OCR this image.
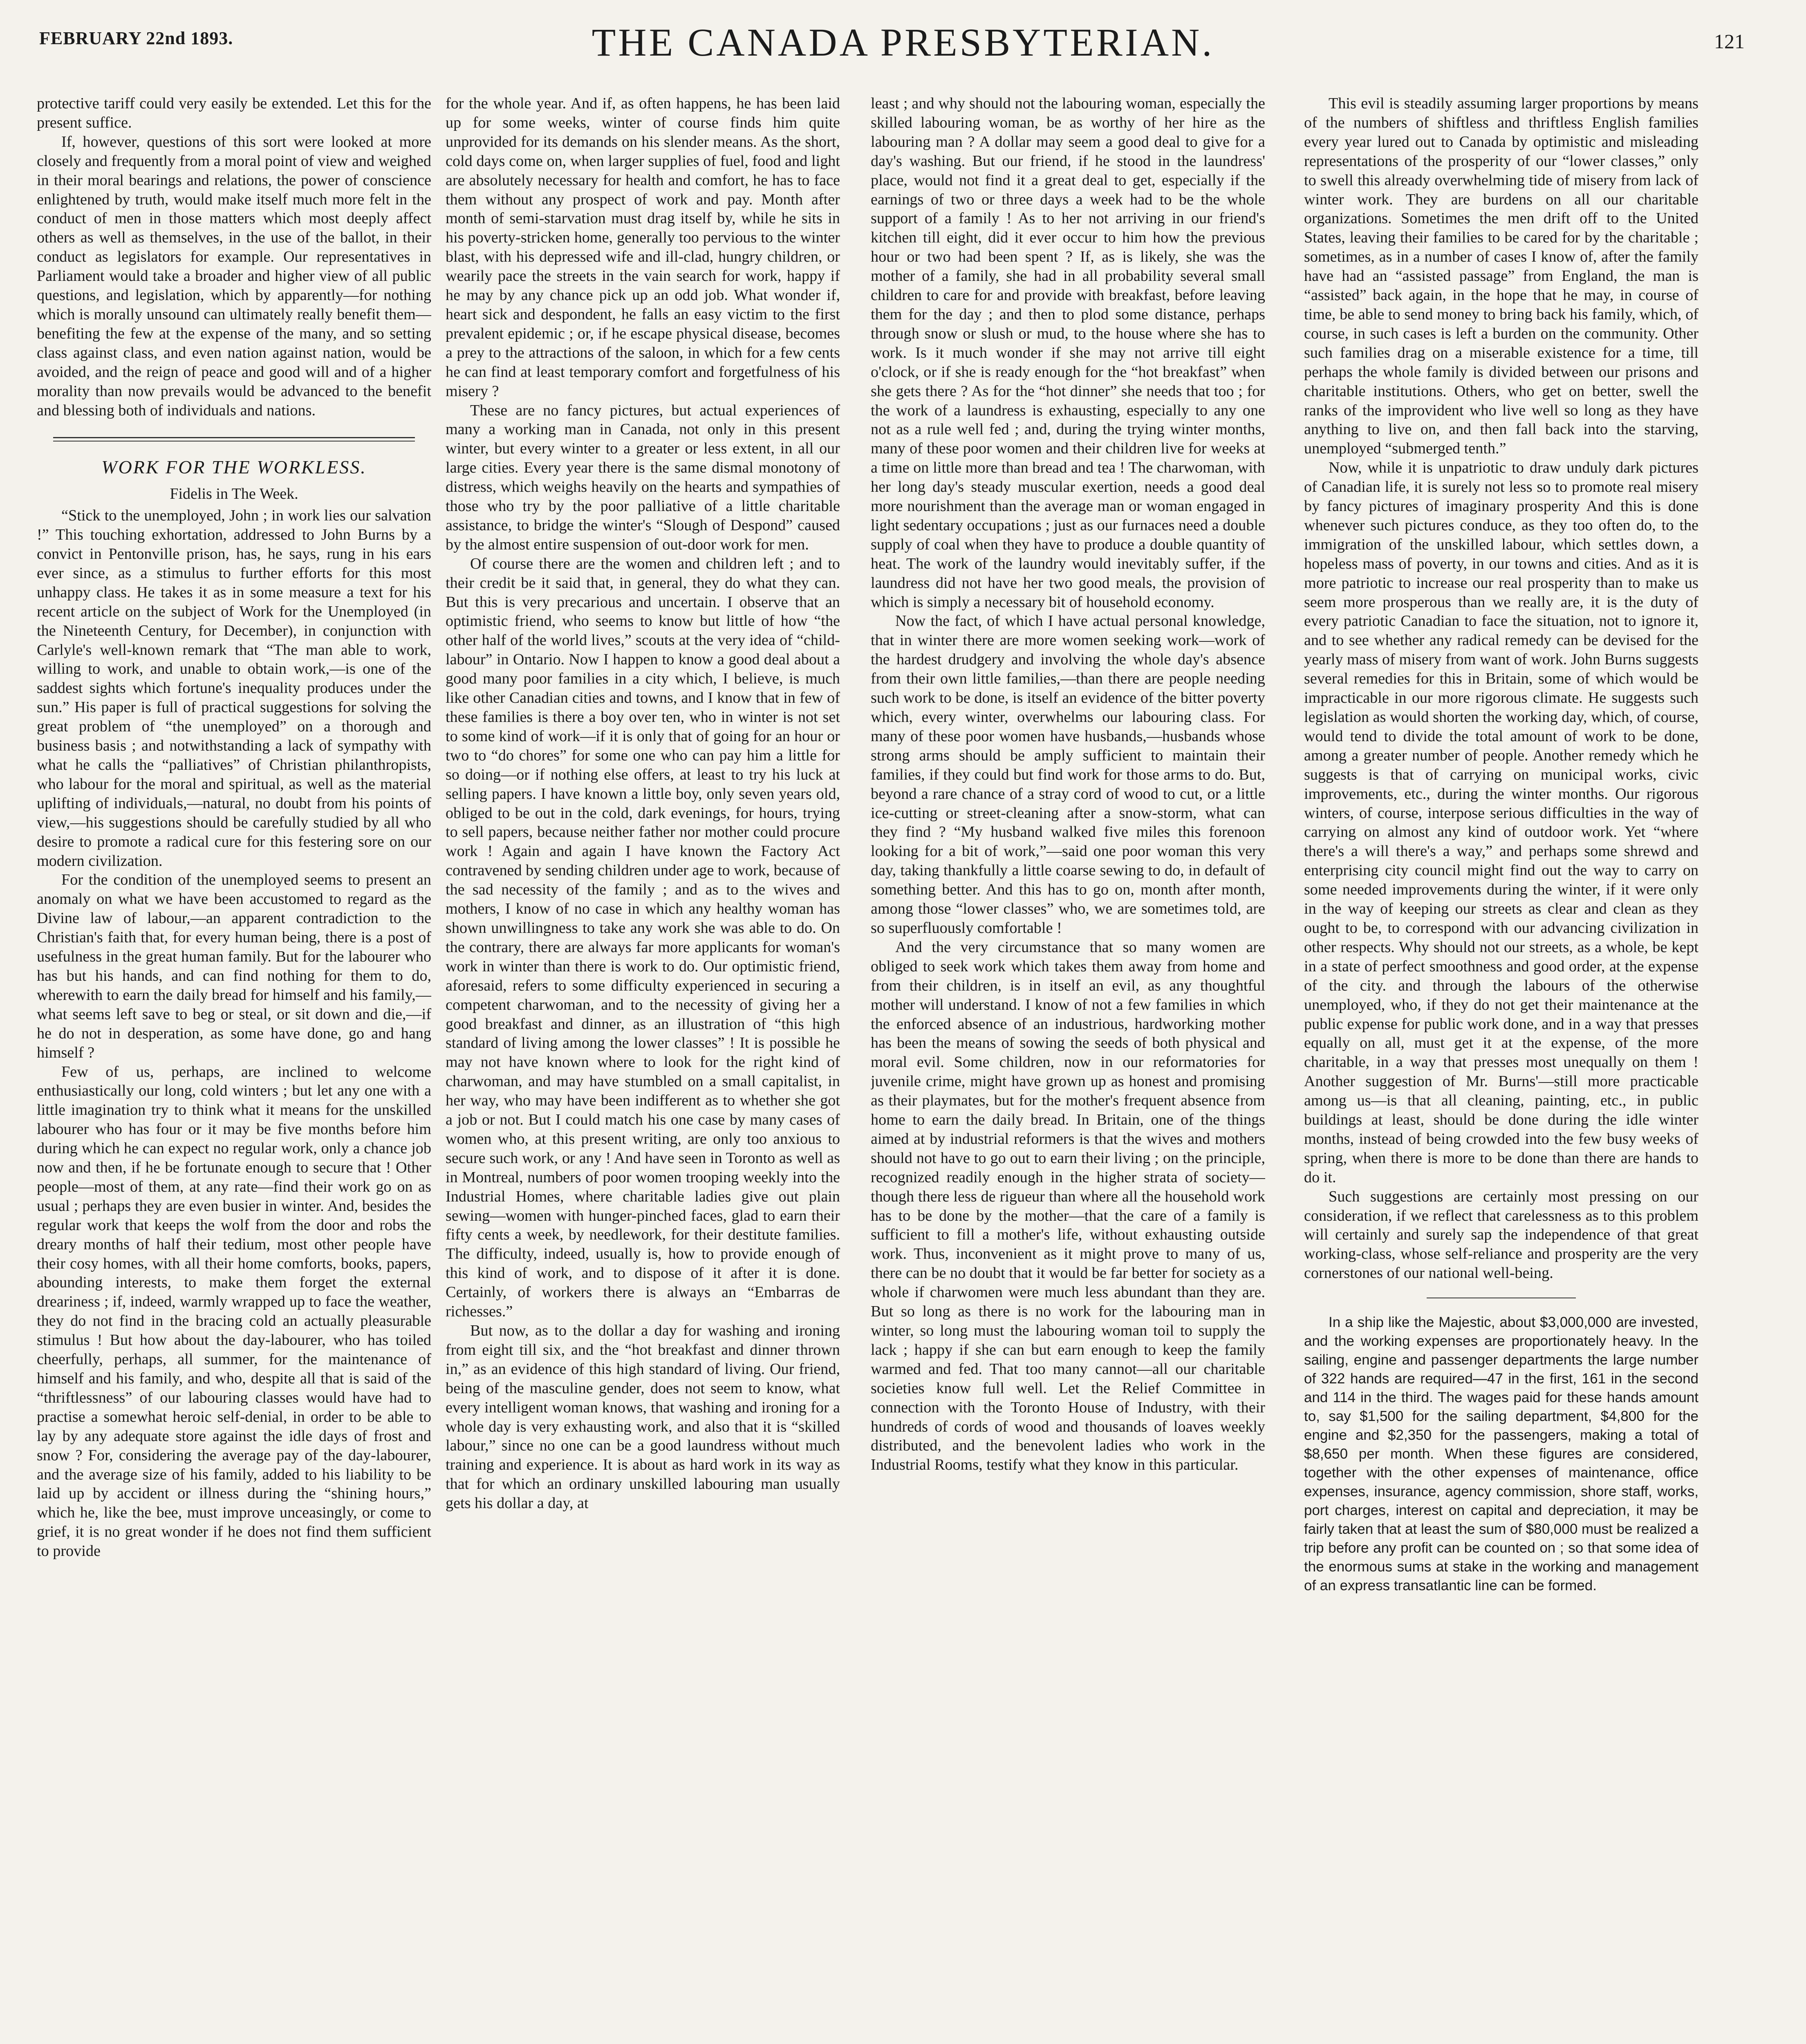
FEBRUARY 22nd 1893.	THE CANADA PRESBYTERIAN.	121

protective tariff could very easily be extended. Let this for the present suffice.

If, however, questions of this sort were looked at more closely and frequently from a moral point of view and weighed in their moral bearings and relations, the power of conscience enlightened by truth, would make itself much more felt in the conduct of men in those matters which most deeply affect others as well as themselves, in the use of the ballot, in their conduct as legislators for example. Our representatives in Parliament would take a broader and higher view of all public questions, and legislation, which by apparently—for nothing which is morally unsound can ultimately really benefit them—benefiting the few at the expense of the many, and so setting class against class, and even nation against nation, would be avoided, and the reign of peace and good will and of a higher morality than now prevails would be advanced to the benefit and blessing both of individuals and nations.

WORK FOR THE WORKLESS.
Fidelis in The Week.

“Stick to the unemployed, John ; in work lies our salvation !” This touching exhortation, addressed to John Burns by a convict in Pentonville prison, has, he says, rung in his ears ever since, as a stimulus to further efforts for this most unhappy class. He takes it as in some measure a text for his recent article on the subject of Work for the Unemployed (in the Nineteenth Century, for December), in conjunction with Carlyle's well-known remark that “The man able to work, willing to work, and unable to obtain work,—is one of the saddest sights which fortune's inequality produces under the sun.” His paper is full of practical suggestions for solving the great problem of “the unemployed” on a thorough and business basis ; and notwithstanding a lack of sympathy with what he calls the “palliatives” of Christian philanthropists, who labour for the moral and spiritual, as well as the material uplifting of individuals,—natural, no doubt from his points of view,—his suggestions should be carefully studied by all who desire to promote a radical cure for this festering sore on our modern civilization.

For the condition of the unemployed seems to present an anomaly on what we have been accustomed to regard as the Divine law of labour,—an apparent contradiction to the Christian's faith that, for every human being, there is a post of usefulness in the great human family. But for the labourer who has but his hands, and can find nothing for them to do, wherewith to earn the daily bread for himself and his family,—what seems left save to beg or steal, or sit down and die,—if he do not in desperation, as some have done, go and hang himself ?

Few of us, perhaps, are inclined to welcome enthusiastically our long, cold winters ; but let any one with a little imagination try to think what it means for the unskilled labourer who has four or it may be five months before him during which he can expect no regular work, only a chance job now and then, if he be fortunate enough to secure that ! Other people—most of them, at any rate—find their work go on as usual ; perhaps they are even busier in winter. And, besides the regular work that keeps the wolf from the door and robs the dreary months of half their tedium, most other people have their cosy homes, with all their home comforts, books, papers, abounding interests, to make them forget the external dreariness ; if, indeed, warmly wrapped up to face the weather, they do not find in the bracing cold an actually pleasurable stimulus ! But how about the day-labourer, who has toiled cheerfully, perhaps, all summer, for the maintenance of himself and his family, and who, despite all that is said of the “thriftlessness” of our labouring classes would have had to practise a somewhat heroic self-denial, in order to be able to lay by any adequate store against the idle days of frost and snow ? For, considering the average pay of the day-labourer, and the average size of his family, added to his liability to be laid up by accident or illness during the “shining hours,” which he, like the bee, must improve unceasingly, or come to grief, it is no great wonder if he does not find them sufficient to provide

for the whole year. And if, as often happens, he has been laid up for some weeks, winter of course finds him quite unprovided for its demands on his slender means. As the short, cold days come on, when larger supplies of fuel, food and light are absolutely necessary for health and comfort, he has to face them without any prospect of work and pay. Month after month of semi-starvation must drag itself by, while he sits in his poverty-stricken home, generally too pervious to the winter blast, with his depressed wife and ill-clad, hungry children, or wearily pace the streets in the vain search for work, happy if he may by any chance pick up an odd job. What wonder if, heart sick and despondent, he falls an easy victim to the first prevalent epidemic ; or, if he escape physical disease, becomes a prey to the attractions of the saloon, in which for a few cents he can find at least temporary comfort and forgetfulness of his misery ?

These are no fancy pictures, but actual experiences of many a working man in Canada, not only in this present winter, but every winter to a greater or less extent, in all our large cities. Every year there is the same dismal monotony of distress, which weighs heavily on the hearts and sympathies of those who try by the poor palliative of a little charitable assistance, to bridge the winter's “Slough of Despond” caused by the almost entire suspension of out-door work for men.

Of course there are the women and children left ; and to their credit be it said that, in general, they do what they can. But this is very precarious and uncertain. I observe that an optimistic friend, who seems to know but little of how “the other half of the world lives,” scouts at the very idea of “child-labour” in Ontario. Now I happen to know a good deal about a good many poor families in a city which, I believe, is much like other Canadian cities and towns, and I know that in few of these families is there a boy over ten, who in winter is not set to some kind of work—if it is only that of going for an hour or two to “do chores” for some one who can pay him a little for so doing—or if nothing else offers, at least to try his luck at selling papers. I have known a little boy, only seven years old, obliged to be out in the cold, dark evenings, for hours, trying to sell papers, because neither father nor mother could procure work ! Again and again I have known the Factory Act contravened by sending children under age to work, because of the sad necessity of the family ; and as to the wives and mothers, I know of no case in which any healthy woman has shown unwillingness to take any work she was able to do. On the contrary, there are always far more applicants for woman's work in winter than there is work to do. Our optimistic friend, aforesaid, refers to some difficulty experienced in securing a competent charwoman, and to the necessity of giving her a good breakfast and dinner, as an illustration of “this high standard of living among the lower classes” ! It is possible he may not have known where to look for the right kind of charwoman, and may have stumbled on a small capitalist, in her way, who may have been indifferent as to whether she got a job or not. But I could match his one case by many cases of women who, at this present writing, are only too anxious to secure such work, or any ! And have seen in Toronto as well as in Montreal, numbers of poor women trooping weekly into the Industrial Homes, where charitable ladies give out plain sewing—women with hunger-pinched faces, glad to earn their fifty cents a week, by needlework, for their destitute families. The difficulty, indeed, usually is, how to provide enough of this kind of work, and to dispose of it after it is done. Certainly, of workers there is always an “Embarras de richesses.”

But now, as to the dollar a day for washing and ironing from eight till six, and the “hot breakfast and dinner thrown in,” as an evidence of this high standard of living. Our friend, being of the masculine gender, does not seem to know, what every intelligent woman knows, that washing and ironing for a whole day is very exhausting work, and also that it is “skilled labour,” since no one can be a good laundress without much training and experience. It is about as hard work in its way as that for which an ordinary unskilled labouring man usually gets his dollar a day, at

least ; and why should not the labouring woman, especially the skilled labouring woman, be as worthy of her hire as the labouring man ? A dollar may seem a good deal to give for a day's washing. But our friend, if he stood in the laundress' place, would not find it a great deal to get, especially if the earnings of two or three days a week had to be the whole support of a family ! As to her not arriving in our friend's kitchen till eight, did it ever occur to him how the previous hour or two had been spent ? If, as is likely, she was the mother of a family, she had in all probability several small children to care for and provide with breakfast, before leaving them for the day ; and then to plod some distance, perhaps through snow or slush or mud, to the house where she has to work. Is it much wonder if she may not arrive till eight o'clock, or if she is ready enough for the “hot breakfast” when she gets there ? As for the “hot dinner” she needs that too ; for the work of a laundress is exhausting, especially to any one not as a rule well fed ; and, during the trying winter months, many of these poor women and their children live for weeks at a time on little more than bread and tea ! The charwoman, with her long day's steady muscular exertion, needs a good deal more nourishment than the average man or woman engaged in light sedentary occupations ; just as our furnaces need a double supply of coal when they have to produce a double quantity of heat. The work of the laundry would inevitably suffer, if the laundress did not have her two good meals, the provision of which is simply a necessary bit of household economy.

Now the fact, of which I have actual personal knowledge, that in winter there are more women seeking work—work of the hardest drudgery and involving the whole day's absence from their own little families,—than there are people needing such work to be done, is itself an evidence of the bitter poverty which, every winter, overwhelms our labouring class. For many of these poor women have husbands,—husbands whose strong arms should be amply sufficient to maintain their families, if they could but find work for those arms to do. But, beyond a rare chance of a stray cord of wood to cut, or a little ice-cutting or street-cleaning after a snow-storm, what can they find ? “My husband walked five miles this forenoon looking for a bit of work,”—said one poor woman this very day, taking thankfully a little coarse sewing to do, in default of something better. And this has to go on, month after month, among those “lower classes” who, we are sometimes told, are so superfluously comfortable !

And the very circumstance that so many women are obliged to seek work which takes them away from home and from their children, is in itself an evil, as any thoughtful mother will understand. I know of not a few families in which the enforced absence of an industrious, hardworking mother has been the means of sowing the seeds of both physical and moral evil. Some children, now in our reformatories for juvenile crime, might have grown up as honest and promising as their playmates, but for the mother's frequent absence from home to earn the daily bread. In Britain, one of the things aimed at by industrial reformers is that the wives and mothers should not have to go out to earn their living ; on the principle, recognized readily enough in the higher strata of society—though there less de rigueur than where all the household work has to be done by the mother—that the care of a family is sufficient to fill a mother's life, without exhausting outside work. Thus, inconvenient as it might prove to many of us, there can be no doubt that it would be far better for society as a whole if charwomen were much less abundant than they are. But so long as there is no work for the labouring man in winter, so long must the labouring woman toil to supply the lack ; happy if she can but earn enough to keep the family warmed and fed. That too many cannot—all our charitable societies know full well. Let the Relief Committee in connection with the Toronto House of Industry, with their hundreds of cords of wood and thousands of loaves weekly distributed, and the benevolent ladies who work in the Industrial Rooms, testify what they know in this particular.

This evil is steadily assuming larger proportions by means of the numbers of shiftless and thriftless English families every year lured out to Canada by optimistic and misleading representations of the prosperity of our “lower classes,” only to swell this already overwhelming tide of misery from lack of winter work. They are burdens on all our charitable organizations. Sometimes the men drift off to the United States, leaving their families to be cared for by the charitable ; sometimes, as in a number of cases I know of, after the family have had an “assisted passage” from England, the man is “assisted” back again, in the hope that he may, in course of time, be able to send money to bring back his family, which, of course, in such cases is left a burden on the community. Other such families drag on a miserable existence for a time, till perhaps the whole family is divided between our prisons and charitable institutions. Others, who get on better, swell the ranks of the improvident who live well so long as they have anything to live on, and then fall back into the starving, unemployed “submerged tenth.”

Now, while it is unpatriotic to draw unduly dark pictures of Canadian life, it is surely not less so to promote real misery by fancy pictures of imaginary prosperity And this is done whenever such pictures conduce, as they too often do, to the immigration of the unskilled labour, which settles down, a hopeless mass of poverty, in our towns and cities. And as it is more patriotic to increase our real prosperity than to make us seem more prosperous than we really are, it is the duty of every patriotic Canadian to face the situation, not to ignore it, and to see whether any radical remedy can be devised for the yearly mass of misery from want of work. John Burns suggests several remedies for this in Britain, some of which would be impracticable in our more rigorous climate. He suggests such legislation as would shorten the working day, which, of course, would tend to divide the total amount of work to be done, among a greater number of people. Another remedy which he suggests is that of carrying on municipal works, civic improvements, etc., during the winter months. Our rigorous winters, of course, interpose serious difficulties in the way of carrying on almost any kind of outdoor work. Yet “where there's a will there's a way,” and perhaps some shrewd and enterprising city council might find out the way to carry on some needed improvements during the winter, if it were only in the way of keeping our streets as clear and clean as they ought to be, to correspond with our advancing civilization in other respects. Why should not our streets, as a whole, be kept in a state of perfect smoothness and good order, at the expense of the city. and through the labours of the otherwise unemployed, who, if they do not get their maintenance at the public expense for public work done, and in a way that presses equally on all, must get it at the expense, of the more charitable, in a way that presses most unequally on them ! Another suggestion of Mr. Burns'—still more practicable among us—is that all cleaning, painting, etc., in public buildings at least, should be done during the idle winter months, instead of being crowded into the few busy weeks of spring, when there is more to be done than there are hands to do it.

Such suggestions are certainly most pressing on our consideration, if we reflect that carelessness as to this problem will certainly and surely sap the independence of that great working-class, whose self-reliance and prosperity are the very cornerstones of our national well-being.

In a ship like the Majestic, about $3,000,000 are invested, and the working expenses are proportionately heavy. In the sailing, engine and passenger departments the large number of 322 hands are required—47 in the first, 161 in the second and 114 in the third. The wages paid for these hands amount to, say $1,500 for the sailing department, $4,800 for the engine and $2,350 for the passengers, making a total of $8,650 per month. When these figures are considered, together with the other expenses of maintenance, office expenses, insurance, agency commission, shore staff, works, port charges, interest on capital and depreciation, it may be fairly taken that at least the sum of $80,000 must be realized a trip before any profit can be counted on ; so that some idea of the enormous sums at stake in the working and management of an express transatlantic line can be formed.
